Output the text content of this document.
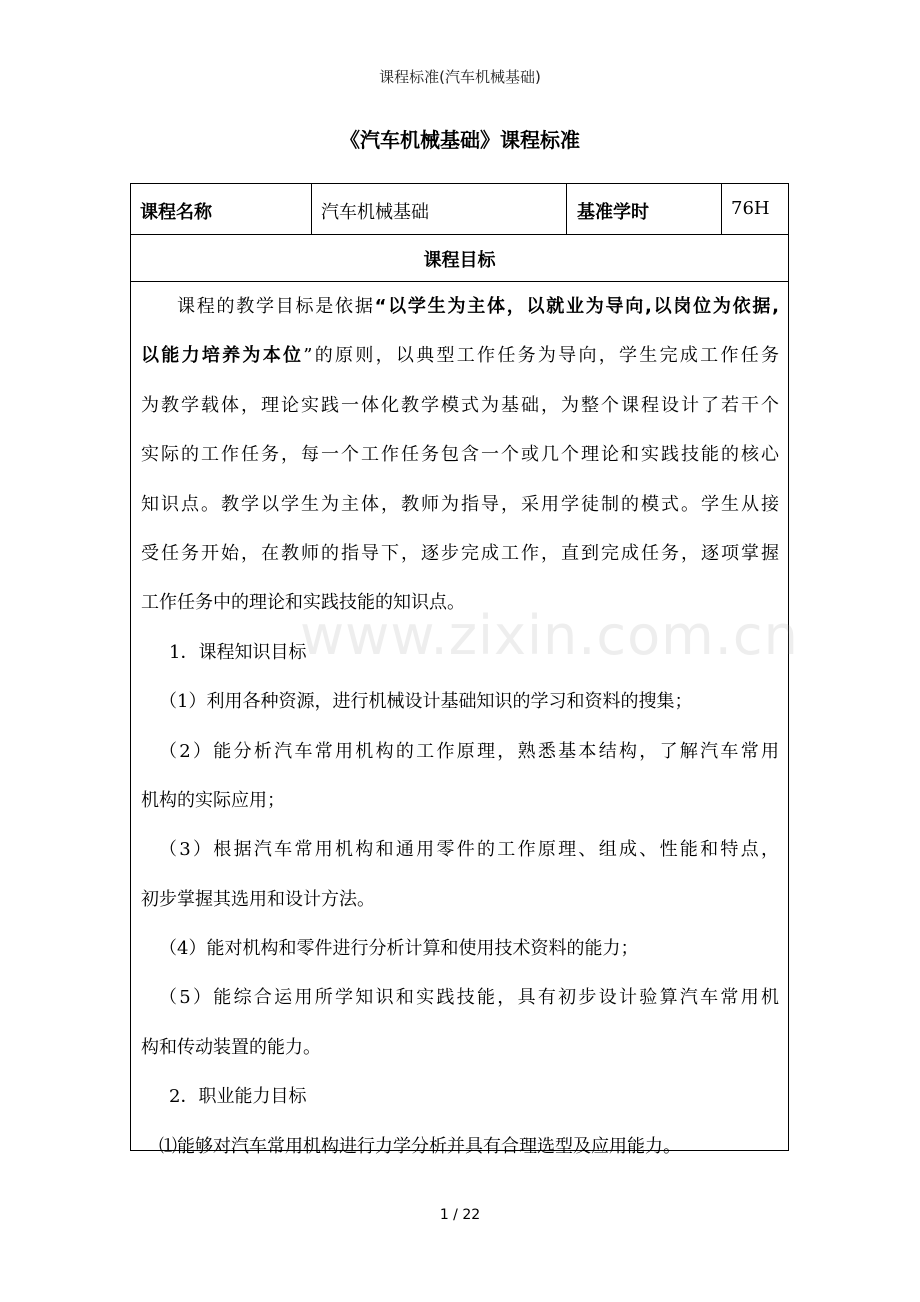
课程标准(汽车机械基础)
《汽车机械基础》课程标准
课程名称	汽车机械基础	基准学时	76H
课程目标
课程的教学目标是依据“以学生为主体，以就业为导向,以岗位为依据,
以能力培养为本位”的原则，以典型工作任务为导向，学生完成工作任务
为教学载体，理论实践一体化教学模式为基础，为整个课程设计了若干个
实际的工作任务，每一个工作任务包含一个或几个理论和实践技能的核心
知识点。教学以学生为主体，教师为指导，采用学徒制的模式。学生从接
受任务开始，在教师的指导下，逐步完成工作，直到完成任务，逐项掌握
工作任务中的理论和实践技能的知识点。
1．课程知识目标
（1）利用各种资源，进行机械设计基础知识的学习和资料的搜集；
（2）能分析汽车常用机构的工作原理，熟悉基本结构，了解汽车常用
机构的实际应用；
（3）根据汽车常用机构和通用零件的工作原理、组成、性能和特点，
初步掌握其选用和设计方法。
（4）能对机构和零件进行分析计算和使用技术资料的能力；
（5）能综合运用所学知识和实践技能，具有初步设计验算汽车常用机
构和传动装置的能力。
2．职业能力目标
⑴能够对汽车常用机构进行力学分析并具有合理选型及应用能力。
www.zixin.com.cn
1 / 22
